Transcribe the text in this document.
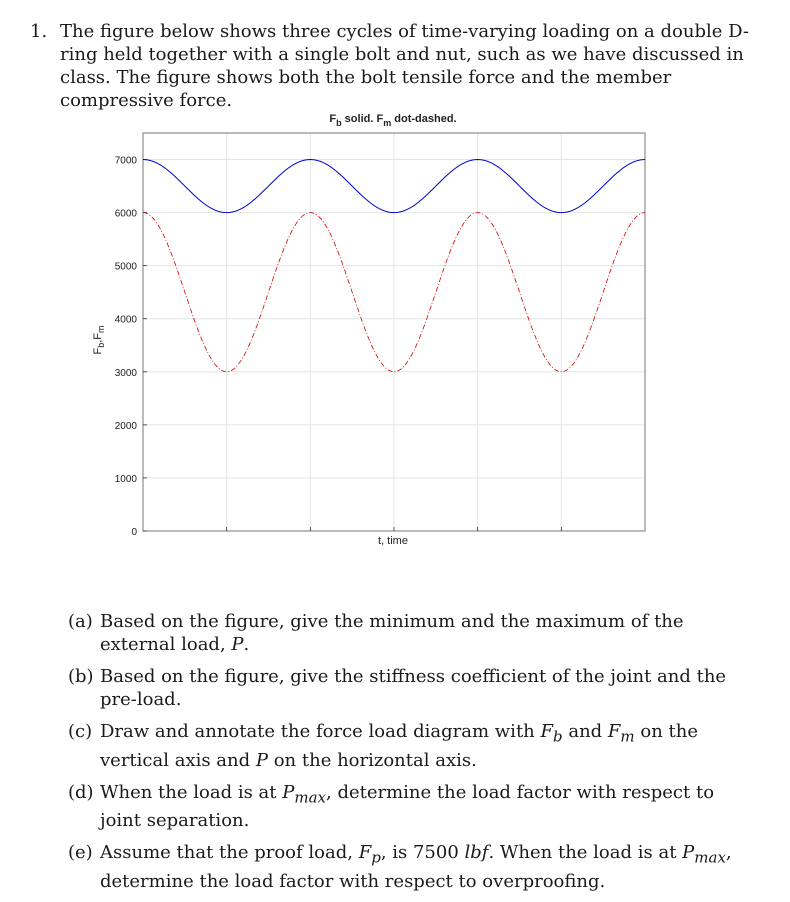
1. The figure below shows three cycles of time-varying loading on a double D-ring held together with a single bolt and nut, such as we have discussed in class. The figure shows both the bolt tensile force and the member compressive force.
$F_b$ solid. $F_m$ dot-dashed.
$F_b,F_m$
t, time
0
1000
2000
3000
4000
5000
6000
7000
(a) Based on the figure, give the minimum and the maximum of the external load, P.
(b) Based on the figure, give the stiffness coefficient of the joint and the pre-load.
(c) Draw and annotate the force load diagram with $F_b$ and $F_m$ on the vertical axis and P on the horizontal axis.
(d) When the load is at $P_{max}$, determine the load factor with respect to joint separation.
(e) Assume that the proof load, $F_p$, is 7500 lbf. When the load is at $P_{max}$, determine the load factor with respect to overproofing.
